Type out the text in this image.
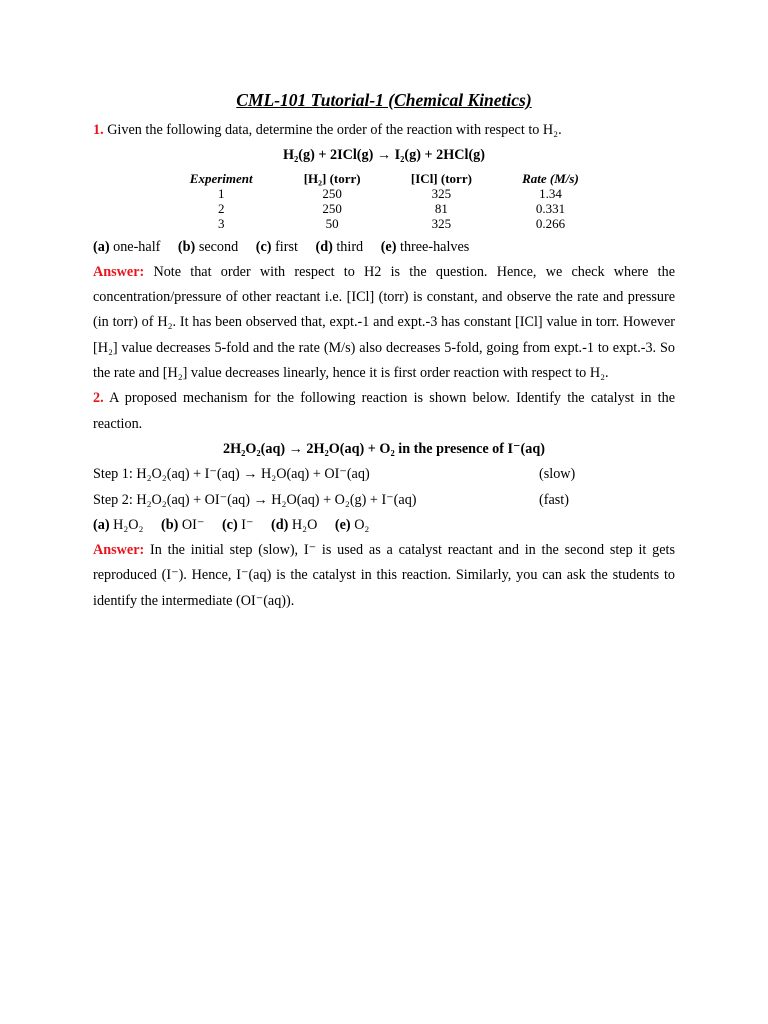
CML-101 Tutorial-1 (Chemical Kinetics)

1. Given the following data, determine the order of the reaction with respect to H₂.

H₂(g) + 2ICl(g) → I₂(g) + 2HCl(g)

Experiment	[H₂] (torr)	[ICl] (torr)	Rate (M/s)
1	250	325	1.34
2	250	81	0.331
3	50	325	0.266

(a) one-half (b) second (c) first (d) third (e) three-halves

Answer: Note that order with respect to H2 is the question. Hence, we check where the concentration/pressure of other reactant i.e. [ICl] (torr) is constant, and observe the rate and pressure (in torr) of H₂. It has been observed that, expt.-1 and expt.-3 has constant [ICl] value in torr. However [H₂] value decreases 5-fold and the rate (M/s) also decreases 5-fold, going from expt.-1 to expt.-3. So the rate and [H₂] value decreases linearly, hence it is first order reaction with respect to H₂.

2. A proposed mechanism for the following reaction is shown below. Identify the catalyst in the reaction.

2H₂O₂(aq) → 2H₂O(aq) + O₂ in the presence of I⁻(aq)

Step 1: H₂O₂(aq) + I⁻(aq) → H₂O(aq) + OI⁻(aq)	(slow)
Step 2: H₂O₂(aq) + OI⁻(aq) → H₂O(aq) + O₂(g) + I⁻(aq)	(fast)

(a) H₂O₂ (b) OI⁻ (c) I⁻ (d) H₂O (e) O₂

Answer: In the initial step (slow), I⁻ is used as a catalyst reactant and in the second step it gets reproduced (I⁻). Hence, I⁻(aq) is the catalyst in this reaction. Similarly, you can ask the students to identify the intermediate (OI⁻(aq)).
